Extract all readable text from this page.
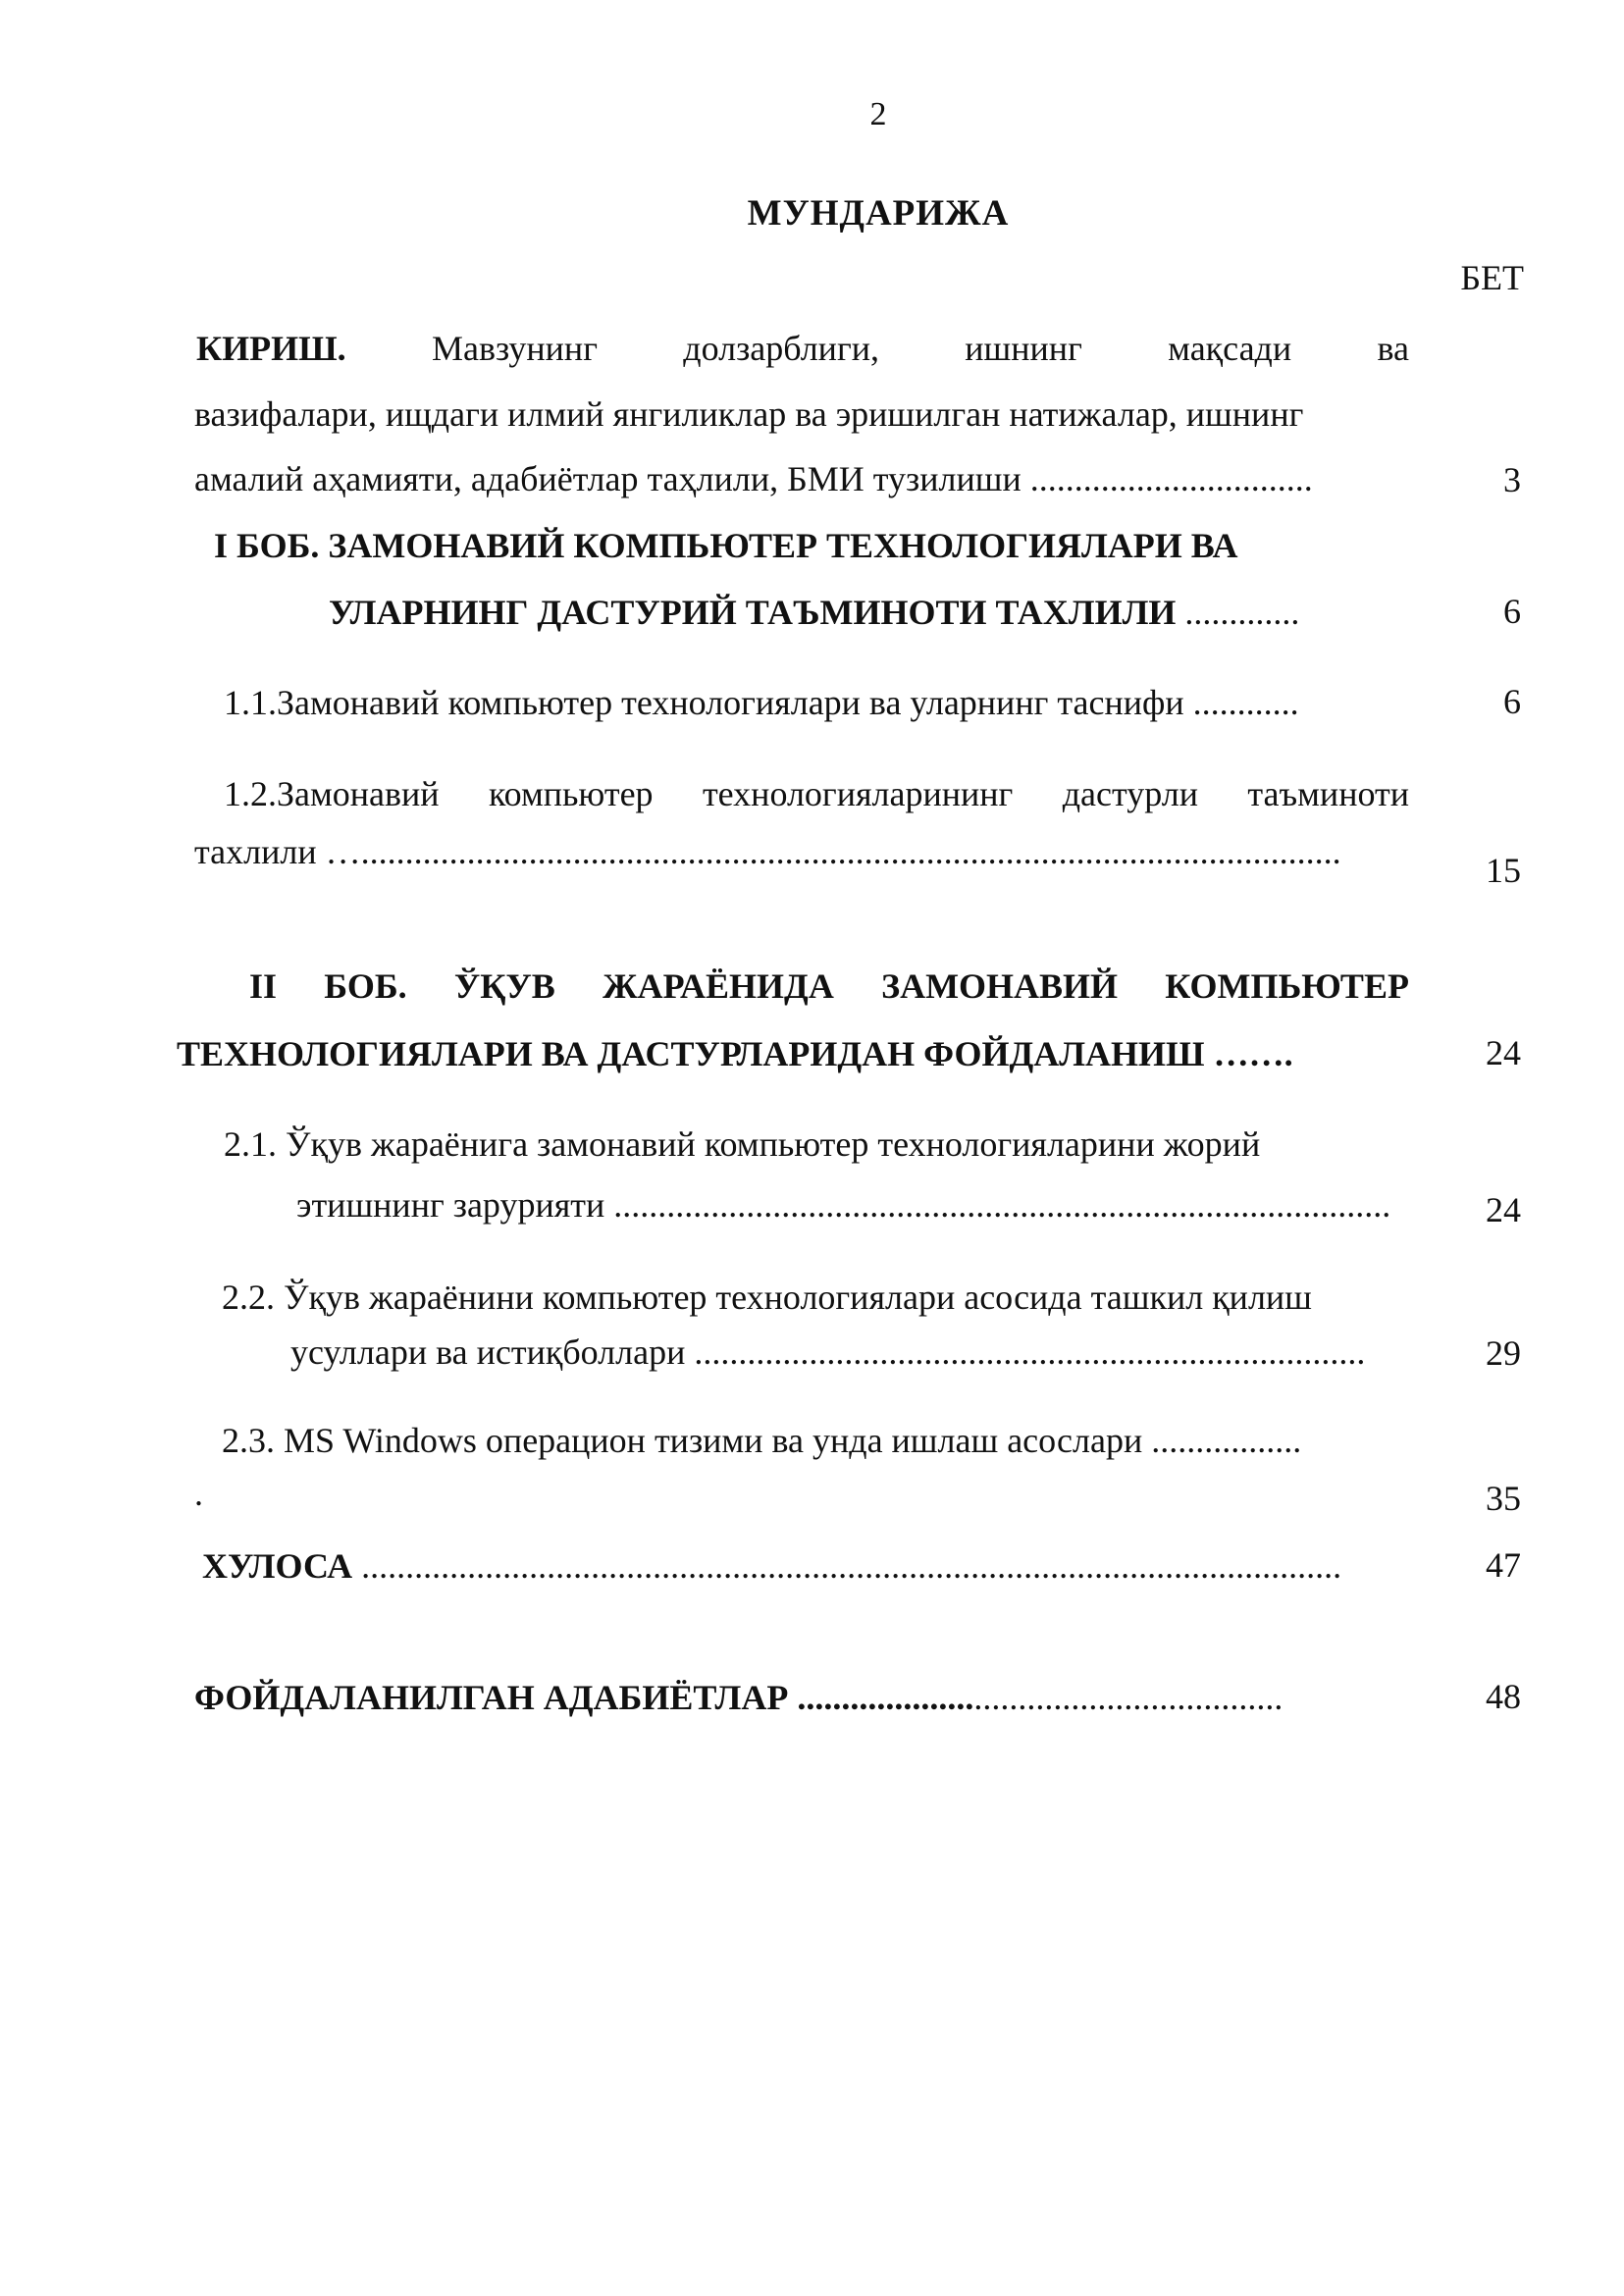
2
МУНДАРИЖА
БЕТ
КИРИШ. Мавзунинг долзарблиги, ишнинг мақсади ва
вазифалари, ищдаги илмий янгиликлар ва эришилган натижалар, ишнинг
амалий аҳамияти, адабиётлар таҳлили, БМИ тузилиши ................................	3
I БОБ. ЗАМОНАВИЙ КОМПЬЮТЕР ТЕХНОЛОГИЯЛАРИ ВА
УЛАРНИНГ ДАСТУРИЙ ТАЪМИНОТИ ТАХЛИЛИ .............	6
1.1.Замонавий компьютер технологиялари ва уларнинг таснифи ............	6
1.2.Замонавий компьютер технологияларининг дастурли таъминоти
тахлили …...............................................................................................................	15
II БОБ. ЎҚУВ ЖАРАЁНИДА ЗАМОНАВИЙ КОМПЬЮТЕР
ТЕХНОЛОГИЯЛАРИ ВА ДАСТУРЛАРИДАН ФОЙДАЛАНИШ …….	24
2.1. Ўқув жараёнига замонавий компьютер технологияларини жорий
этишнинг зарурияти ........................................................................................	24
2.2. Ўқув жараёнини компьютер технологиялари асосида ташкил қилиш
усуллари ва истиқболлари ............................................................................	29
2.3. MS Windows операцион тизими ва унда ишлаш асослари .................
.	35
ХУЛОСА ...............................................................................................................	47
ФОЙДАЛАНИЛГАН АДАБИЁТЛАР .......................................................	48
